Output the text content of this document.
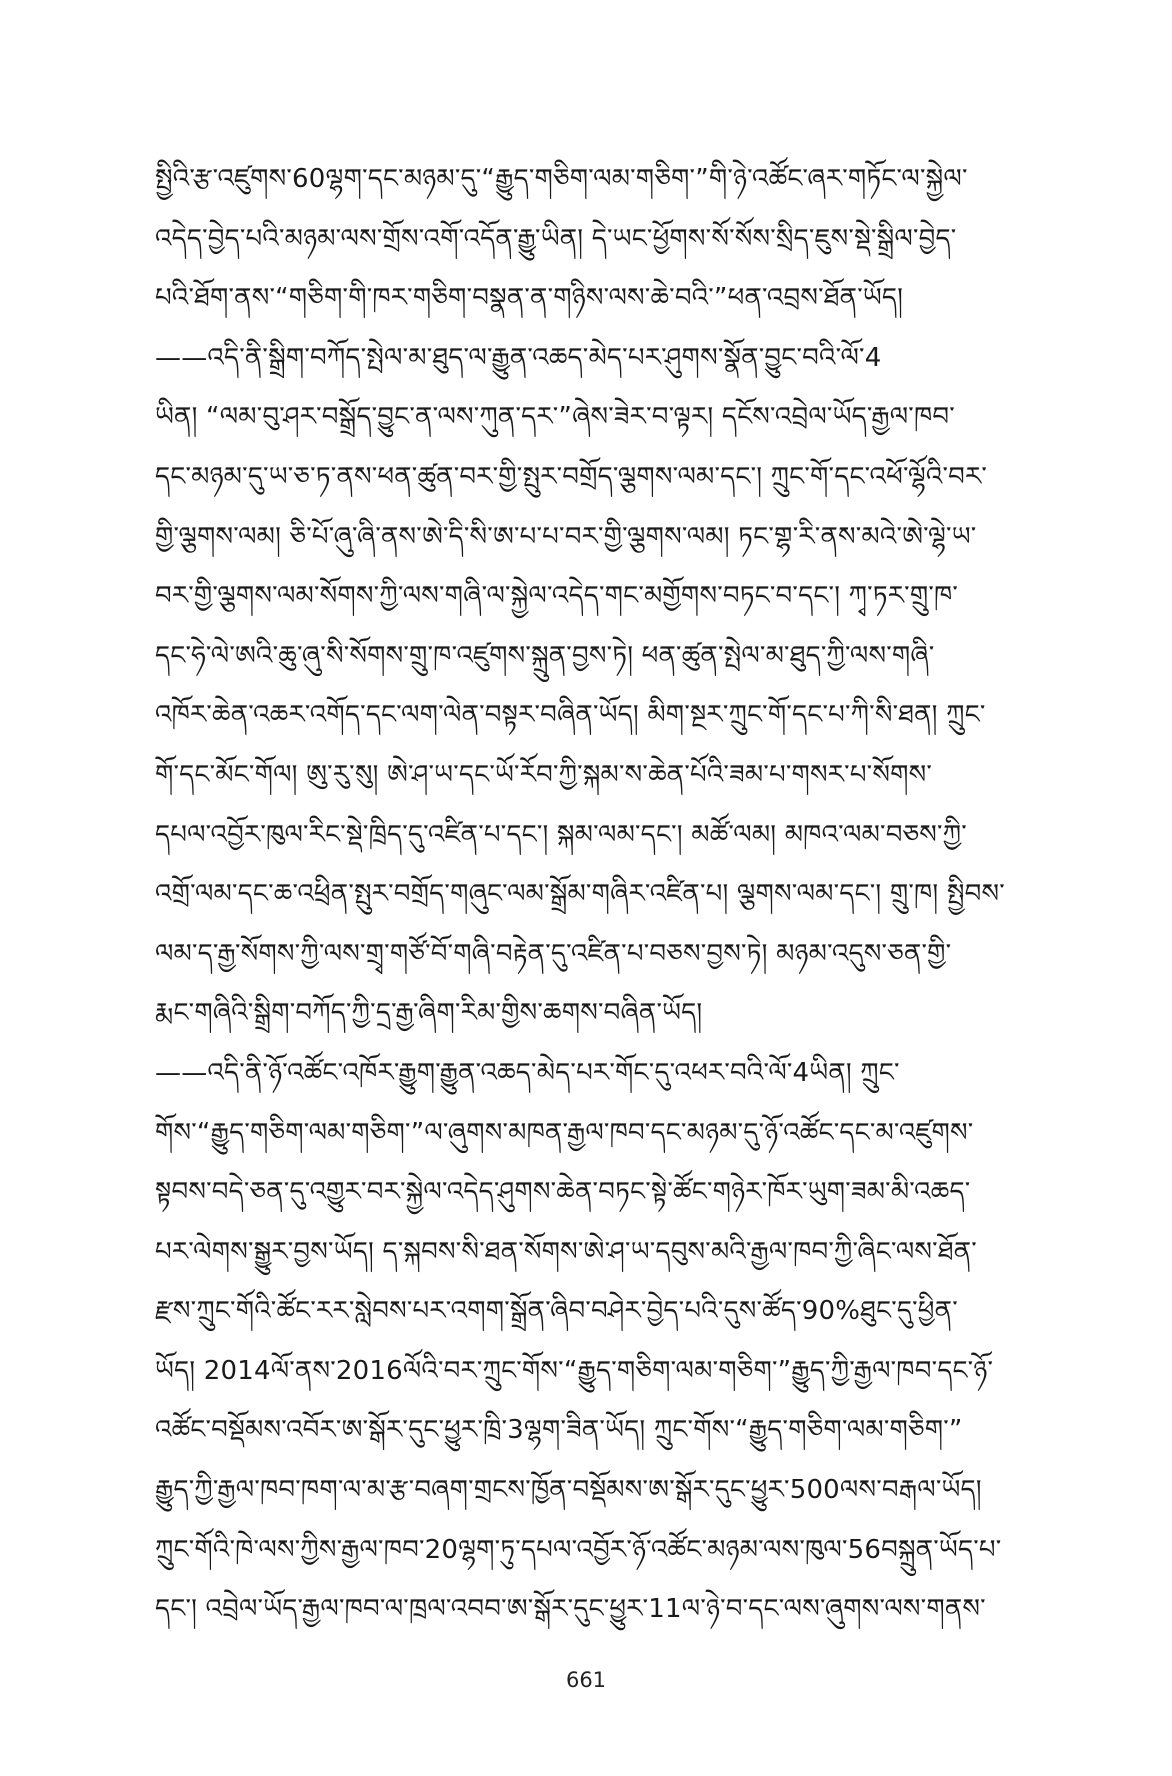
སྤྱིའི་རྩ་འཛུགས་60ལྷག་དང་མཉམ་དུ་“རྒྱུད་གཅིག་ལམ་གཅིག་”གི་ཉེ་འཚོང་ཞར་གཏོང་ལ་སྐྱེལ་
འདེད་བྱེད་པའི་མཉམ་ལས་གྲོས་འགོ་འདོན་རྒྱུ་ཡིན། དེ་ཡང་ཕྱོགས་སོ་སོས་སྲིད་ཇུས་སྡེ་སྒྲིལ་བྱེད་
པའི་ཐོག་ནས་“གཅིག་གི་ཁར་གཅིག་བསྣན་ན་གཉིས་ལས་ཆེ་བའི་”ཕན་འབྲས་ཐོན་ཡོད།
——འདི་ནི་སྒྲིག་བཀོད་སྤེལ་མ་ཐུད་ལ་རྒྱུན་འཆད་མེད་པར་ཤུགས་སྣོན་བྱུང་བའི་ལོ་4
ཡིན། “ལམ་བུ་ཤར་བསྒྲོད་བྱུང་ན་ལས་ཀུན་དར་”ཞེས་ཟེར་བ་ལྟར། དངོས་འབྲེལ་ཡོད་རྒྱལ་ཁབ་
དང་མཉམ་དུ་ཡ་ཅ་ཏ་ནས་ཕན་ཚུན་བར་གྱི་སྤུར་བགྲོད་ལྕགས་ལམ་དང་། ཀྲུང་གོ་དང་འཕོ་ལྷོའི་བར་
གྱི་ལྕགས་ལམ། ཅི་པོ་ཞུ་ཞི་ནས་ཨེ་དི་སི་ཨ་པ་པ་བར་གྱི་ལྕགས་ལམ། ཏང་གྷ་རི་ནས་མའེ་ཨེ་ལྷེ་ཡ་
བར་གྱི་ལྕགས་ལམ་སོགས་ཀྱི་ལས་གཞི་ལ་སྐྱེལ་འདེད་གང་མགྱོགས་བཏང་བ་དང་། ཀྭ་ཏར་གྲུ་ཁ་
དང་ཧེ་ལེ་ཨའི་ཆུ་ཞུ་སི་སོགས་གྲུ་ཁ་འཛུགས་སྐྲུན་བྱས་ཏེ། ཕན་ཚུན་སྤེལ་མ་ཐུད་ཀྱི་ལས་གཞི་
འཁོར་ཆེན་འཆར་འགོད་དང་ལག་ལེན་བསྟར་བཞིན་ཡོད། མིག་སྔར་ཀྲུང་གོ་དང་པ་ཀི་སི་ཐན། ཀྲུང་
གོ་དང་མོང་གོལ། ཨུ་རུ་སུ། ཨེ་ཤ་ཡ་དང་ཡོ་རོབ་ཀྱི་སྐམ་ས་ཆེན་པོའི་ཟམ་པ་གསར་པ་སོགས་
དཔལ་འབྱོར་ཁུལ་རིང་སྡེ་ཁྲིད་དུ་འཛིན་པ་དང་། སྐམ་ལམ་དང་། མཚོ་ལམ། མཁའ་ལམ་བཅས་ཀྱི་
འགྲོ་ལམ་དང་ཆ་འཕྲིན་སྤུར་བགྲོད་གཞུང་ལམ་སྒྲོམ་གཞིར་འཛིན་པ། ལྕགས་ལམ་དང་། གྲུ་ཁ། སྤྱིབས་
ལམ་ད་རྒྱ་སོགས་ཀྱི་ལས་གྲྭ་གཙོ་བོ་གཞི་བརྟེན་དུ་འཛིན་པ་བཅས་བྱས་ཏེ། མཉམ་འདུས་ཅན་གྱི་
རྨང་གཞིའི་སྒྲིག་བཀོད་ཀྱི་དྲ་རྒྱ་ཞིག་རིམ་གྱིས་ཆགས་བཞིན་ཡོད།
——འདི་ནི་ཉོ་འཚོང་འཁོར་རྒྱུག་རྒྱུན་འཆད་མེད་པར་གོང་དུ་འཕར་བའི་ལོ་4ཡིན། ཀྲུང་
གོས་“རྒྱུད་གཅིག་ལམ་གཅིག་”ལ་ཞུགས་མཁན་རྒྱལ་ཁབ་དང་མཉམ་དུ་ཉོ་འཚོང་དང་མ་འཛུགས་
སྟབས་བདེ་ཅན་དུ་འགྱུར་བར་སྐྱེལ་འདེད་ཤུགས་ཆེན་བཏང་སྟེ་ཚོང་གཉེར་ཁོར་ཡུག་ཟམ་མི་འཆད་
པར་ལེགས་སྒྱུར་བྱས་ཡོད། ད་སྐབས་སི་ཐན་སོགས་ཨེ་ཤ་ཡ་དབུས་མའི་རྒྱལ་ཁབ་ཀྱི་ཞིང་ལས་ཐོན་
རྫས་ཀྲུང་གོའི་ཚོང་རར་སླེབས་པར་འགག་སྒྲོན་ཞིབ་བཤེར་བྱེད་པའི་དུས་ཚོད་90%ཐུང་དུ་ཕྱིན་
ཡོད། 2014ལོ་ནས་2016ལོའི་བར་ཀྲུང་གོས་“རྒྱུད་གཅིག་ལམ་གཅིག་”རྒྱུད་ཀྱི་རྒྱལ་ཁབ་དང་ཉོ་
འཚོང་བསྡོམས་འབོར་ཨ་སྒོར་དུང་ཕྱུར་ཁྲི་3ལྷག་ཟིན་ཡོད། ཀྲུང་གོས་“རྒྱུད་གཅིག་ལམ་གཅིག་”
རྒྱུད་ཀྱི་རྒྱལ་ཁབ་ཁག་ལ་མ་རྩ་བཞག་གྲངས་ཁྱོན་བསྡོམས་ཨ་སྒོར་དུང་ཕྱུར་500ལས་བརྒལ་ཡོད།
ཀྲུང་གོའི་ཁེ་ལས་ཀྱིས་རྒྱལ་ཁབ་20ལྷག་ཏུ་དཔལ་འབྱོར་ཉོ་འཚོང་མཉམ་ལས་ཁུལ་56བསྐྲུན་ཡོད་པ་
དང་། འབྲེལ་ཡོད་རྒྱལ་ཁབ་ལ་ཁྲལ་འབབ་ཨ་སྒོར་དུང་ཕྱུར་11ལ་ཉེ་བ་དང་ལས་ཞུགས་ལས་གནས་
661
